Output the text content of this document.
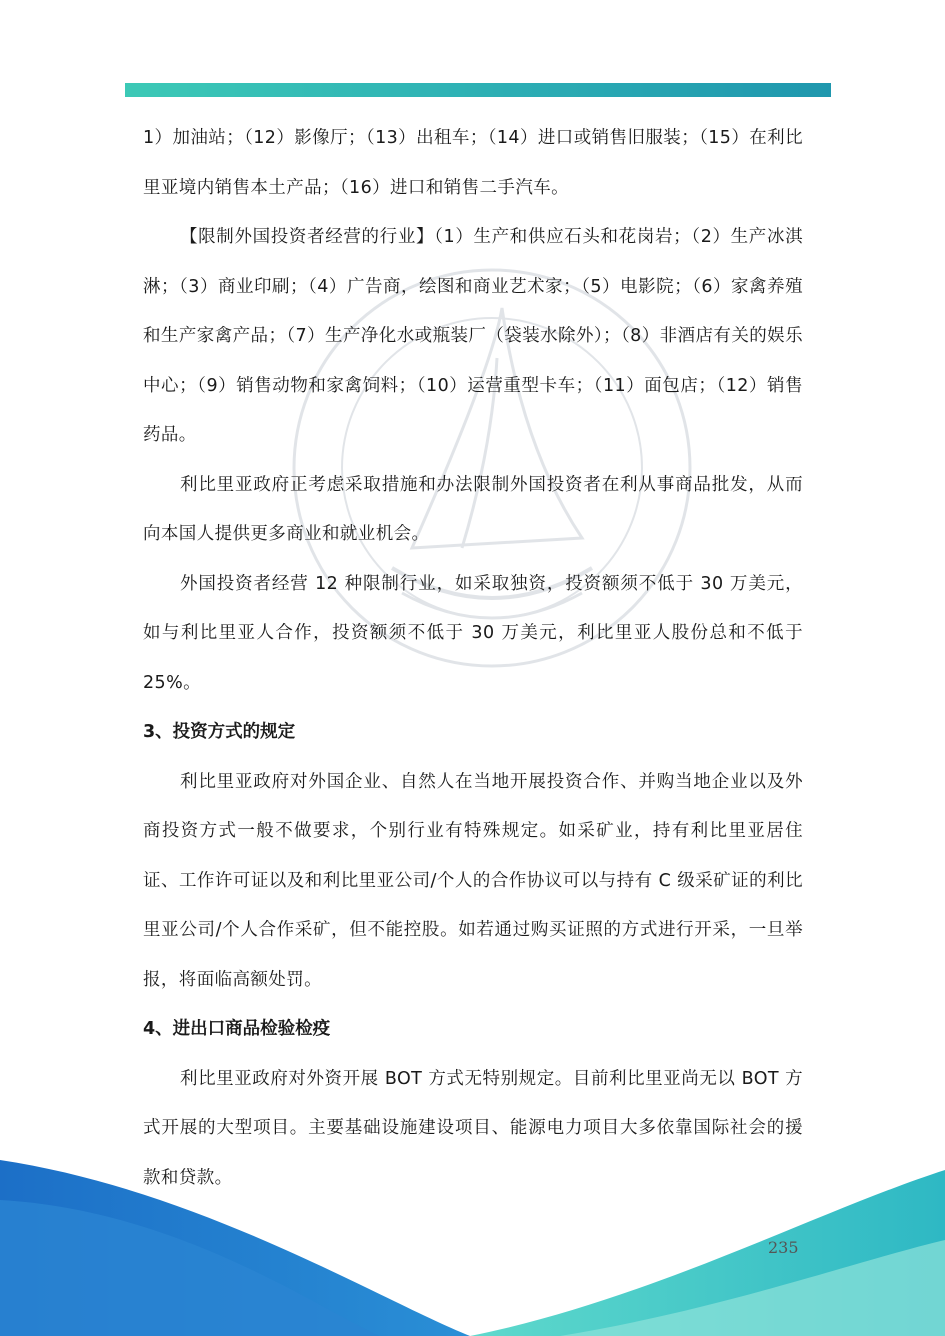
1）加油站；（12）影像厅；（13）出租车；（14）进口或销售旧服装；（15）在利比里亚境内销售本土产品；（16）进口和销售二手汽车。

【限制外国投资者经营的行业】（1）生产和供应石头和花岗岩；（2）生产冰淇淋；（3）商业印刷；（4）广告商，绘图和商业艺术家；（5）电影院；（6）家禽养殖和生产家禽产品；（7）生产净化水或瓶装厂（袋装水除外）；（8）非酒店有关的娱乐中心；（9）销售动物和家禽饲料；（10）运营重型卡车；（11）面包店；（12）销售药品。

利比里亚政府正考虑采取措施和办法限制外国投资者在利从事商品批发，从而向本国人提供更多商业和就业机会。

外国投资者经营 12 种限制行业，如采取独资，投资额须不低于 30 万美元，如与利比里亚人合作，投资额须不低于 30 万美元，利比里亚人股份总和不低于 25%。

3、投资方式的规定

利比里亚政府对外国企业、自然人在当地开展投资合作、并购当地企业以及外商投资方式一般不做要求，个别行业有特殊规定。如采矿业，持有利比里亚居住证、工作许可证以及和利比里亚公司/个人的合作协议可以与持有 C 级采矿证的利比里亚公司/个人合作采矿，但不能控股。如若通过购买证照的方式进行开采，一旦举报，将面临高额处罚。

4、进出口商品检验检疫

利比里亚政府对外资开展 BOT 方式无特别规定。目前利比里亚尚无以 BOT 方式开展的大型项目。主要基础设施建设项目、能源电力项目大多依靠国际社会的援款和贷款。

235
